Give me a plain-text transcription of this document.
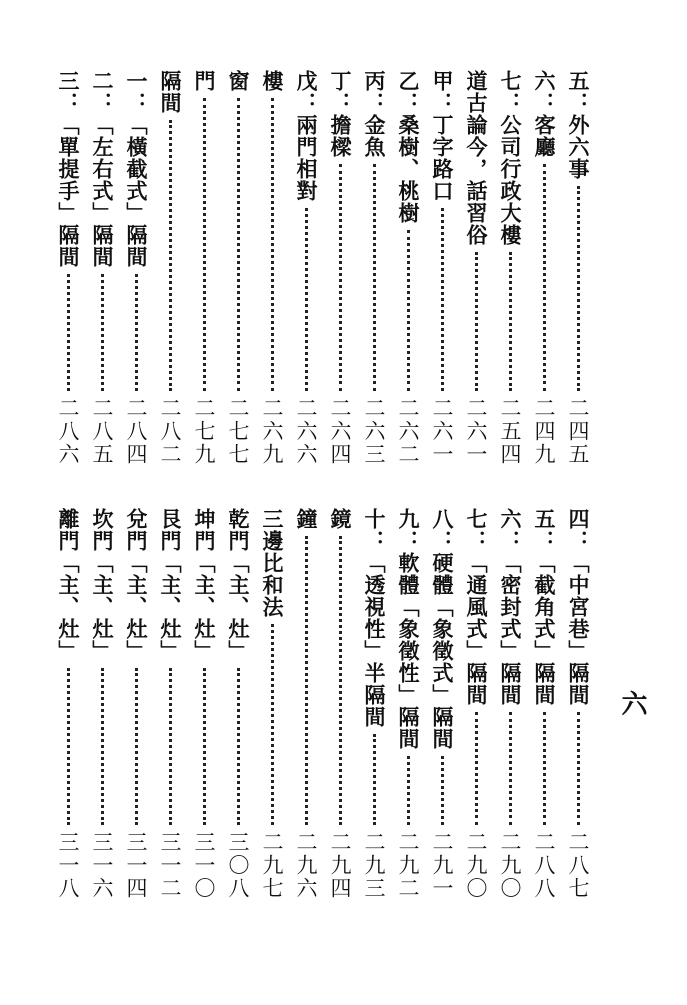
五：外六事
二四五
六：客廳
二四九
七：公司行政大樓
二五四
道古論今，話習俗
二六一
甲：丁字路口
二六一
乙：桑樹、桃樹
二六二
丙：金魚
二六三
丁：擔樑
二六四
戊：兩門相對
二六六
樓
二六九
窗
二七七
門
二七九
隔間
二八二
一：「橫截式」隔間
二八四
二：「左右式」隔間
二八五
三：「單提手」隔間
二八六
四：「中宮巷」隔間
二八七
五：「截角式」隔間
二八八
六：「密封式」隔間
二九〇
七：「通風式」隔間
二九〇
八：硬體「象徵式」隔間
二九一
九：軟體「象徵性」隔間
二九二
十：「透視性」半隔間
二九三
鏡
二九四
鐘
二九六
三邊比和法
二九七
乾門「主、灶」
三〇八
坤門「主、灶」
三一〇
艮門「主、灶」
三一二
兌門「主、灶」
三一四
坎門「主、灶」
三一六
離門「主、灶」
三一八
六
